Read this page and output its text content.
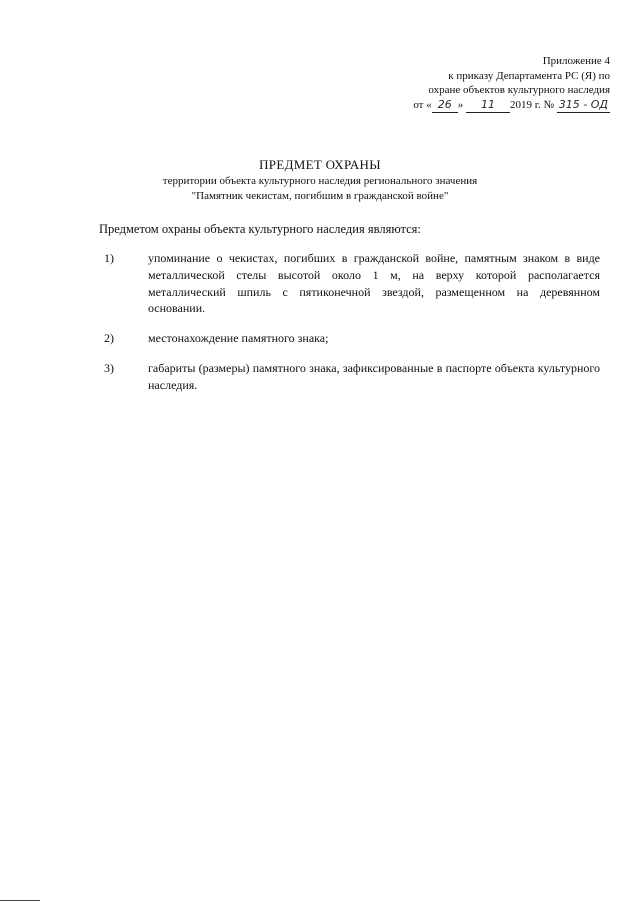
Приложение 4
к приказу Департамента РС (Я) по
охране объектов культурного наследия
от « 26 » 11 2019 г. № 315 - ОД
ПРЕДМЕТ ОХРАНЫ
территории объекта культурного наследия регионального значения
"Памятник чекистам, погибшим в гражданской войне"
Предметом охраны объекта культурного наследия являются:
1)	упоминание о чекистах, погибших в гражданской войне, памятным знаком в виде металлической стелы высотой около 1 м, на верху которой располагается металлический шпиль с пятиконечной звездой, размещенном на деревянном основании.
2)	местонахождение памятного знака;
3)	габариты (размеры) памятного знака, зафиксированные в паспорте объекта культурного наследия.
